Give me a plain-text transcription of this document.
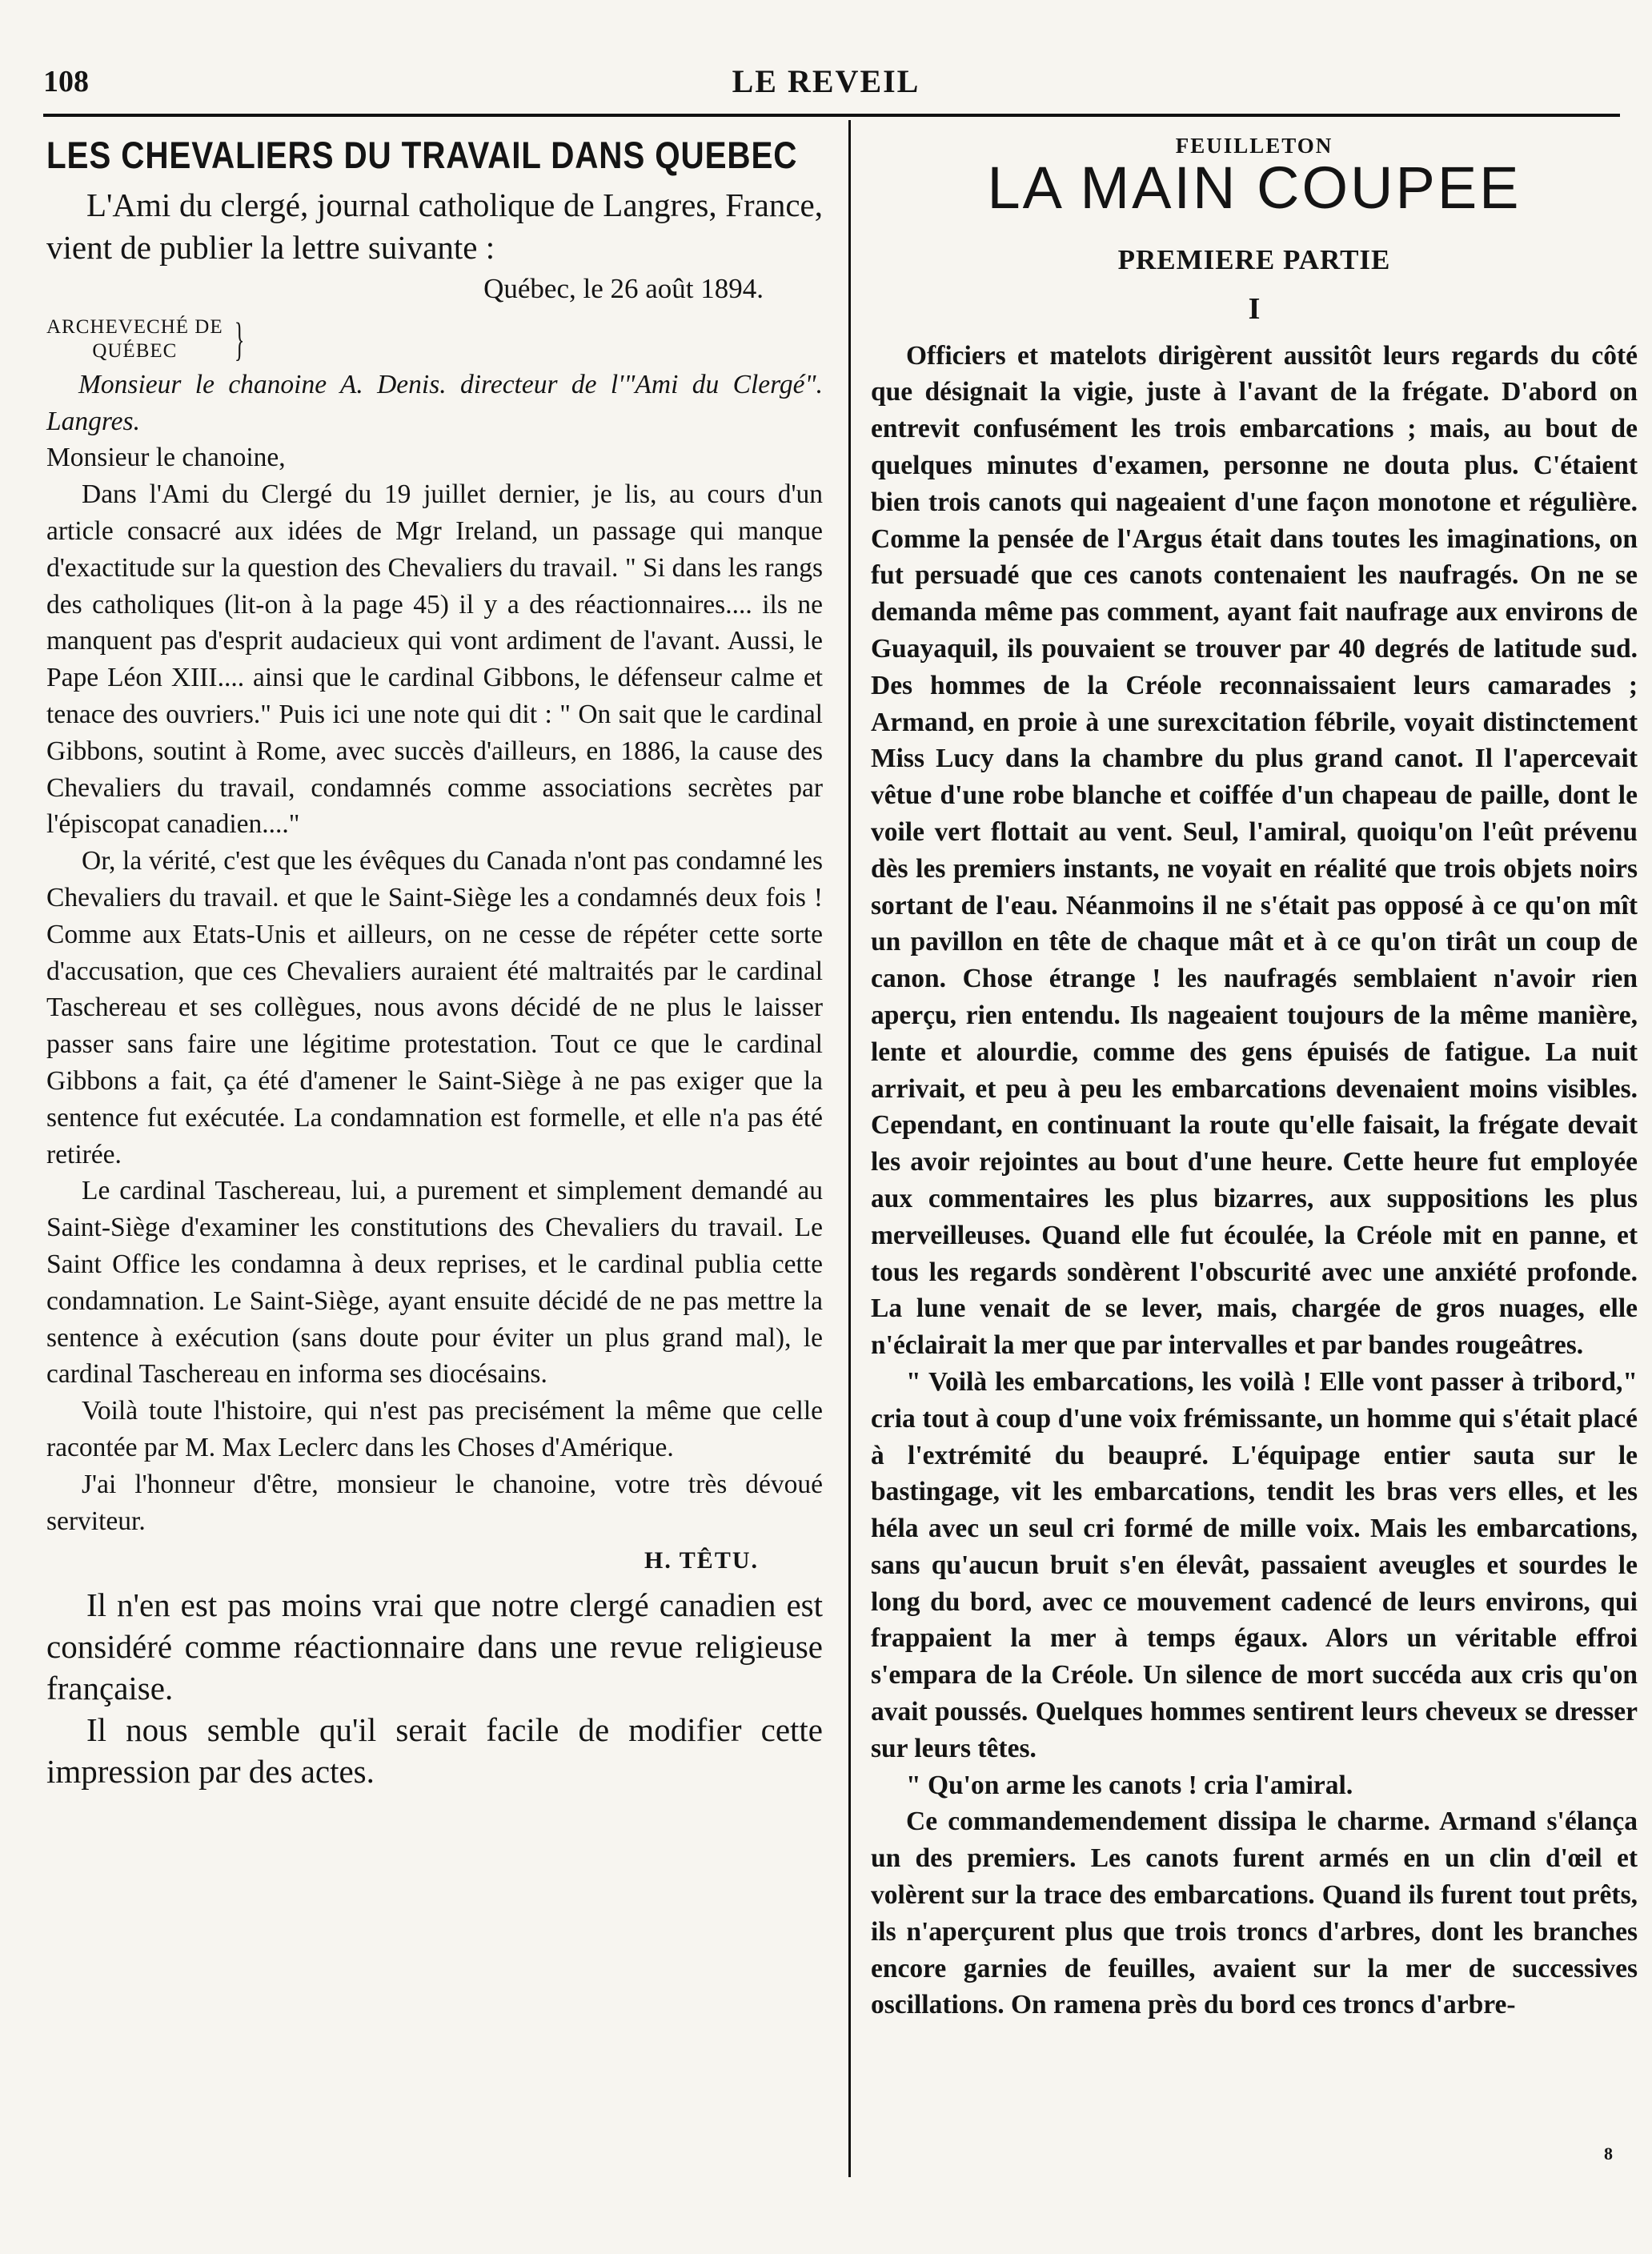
108	LE REVEIL
LES CHEVALIERS DU TRAVAIL DANS QUEBEC

L'Ami du clergé, journal catholique de Langres, France, vient de publier la lettre suivante :

Québec, le 26 août 1894.
ARCHEVECHÉ DE
QUÉBEC	}

Monsieur le chanoine A. Denis. directeur de l'"Ami du Clergé". Langres.

Monsieur le chanoine,

Dans l'Ami du Clergé du 19 juillet dernier, je lis, au cours d'un article consacré aux idées de Mgr Ireland, un passage qui manque d'exactitude sur la question des Chevaliers du travail. " Si dans les rangs des catholiques (lit-on à la page 45) il y a des réactionnaires.... ils ne manquent pas d'esprit audacieux qui vont ardiment de l'avant. Aussi, le Pape Léon XIII.... ainsi que le cardinal Gibbons, le défenseur calme et tenace des ouvriers." Puis ici une note qui dit : " On sait que le cardinal Gibbons, soutint à Rome, avec succès d'ailleurs, en 1886, la cause des Chevaliers du travail, condamnés comme associations secrètes par l'épiscopat canadien...."

Or, la vérité, c'est que les évêques du Canada n'ont pas condamné les Chevaliers du travail. et que le Saint-Siège les a condamnés deux fois ! Comme aux Etats-Unis et ailleurs, on ne cesse de répéter cette sorte d'accusation, que ces Chevaliers auraient été maltraités par le cardinal Taschereau et ses collègues, nous avons décidé de ne plus le laisser passer sans faire une légitime protestation. Tout ce que le cardinal Gibbons a fait, ça été d'amener le Saint-Siège à ne pas exiger que la sentence fut exécutée. La condamnation est formelle, et elle n'a pas été retirée.

Le cardinal Taschereau, lui, a purement et simplement demandé au Saint-Siège d'examiner les constitutions des Chevaliers du travail. Le Saint Office les condamna à deux reprises, et le cardinal publia cette condamnation. Le Saint-Siège, ayant ensuite décidé de ne pas mettre la sentence à exécution (sans doute pour éviter un plus grand mal), le cardinal Taschereau en informa ses diocésains.

Voilà toute l'histoire, qui n'est pas precisément la même que celle racontée par M. Max Leclerc dans les Choses d'Amérique.

J'ai l'honneur d'être, monsieur le chanoine, votre très dévoué serviteur.

H. TÊTU.

Il n'en est pas moins vrai que notre clergé canadien est considéré comme réactionnaire dans une revue religieuse française.

Il nous semble qu'il serait facile de modifier cette impression par des actes.

FEUILLETON
LA MAIN COUPEE
PREMIERE PARTIE
I

Officiers et matelots dirigèrent aussitôt leurs regards du côté que désignait la vigie, juste à l'avant de la frégate. D'abord on entrevit confusément les trois embarcations ; mais, au bout de quelques minutes d'examen, personne ne douta plus. C'étaient bien trois canots qui nageaient d'une façon monotone et régulière. Comme la pensée de l'Argus était dans toutes les imaginations, on fut persuadé que ces canots contenaient les naufragés. On ne se demanda même pas comment, ayant fait naufrage aux environs de Guayaquil, ils pouvaient se trouver par 40 degrés de latitude sud. Des hommes de la Créole reconnaissaient leurs camarades ; Armand, en proie à une surexcitation fébrile, voyait distinctement Miss Lucy dans la chambre du plus grand canot. Il l'apercevait vêtue d'une robe blanche et coiffée d'un chapeau de paille, dont le voile vert flottait au vent. Seul, l'amiral, quoiqu'on l'eût prévenu dès les premiers instants, ne voyait en réalité que trois objets noirs sortant de l'eau. Néanmoins il ne s'était pas opposé à ce qu'on mît un pavillon en tête de chaque mât et à ce qu'on tirât un coup de canon. Chose étrange ! les naufragés semblaient n'avoir rien aperçu, rien entendu. Ils nageaient toujours de la même manière, lente et alourdie, comme des gens épuisés de fatigue. La nuit arrivait, et peu à peu les embarcations devenaient moins visibles. Cependant, en continuant la route qu'elle faisait, la frégate devait les avoir rejointes au bout d'une heure. Cette heure fut employée aux commentaires les plus bizarres, aux suppositions les plus merveilleuses. Quand elle fut écoulée, la Créole mit en panne, et tous les regards sondèrent l'obscurité avec une anxiété profonde. La lune venait de se lever, mais, chargée de gros nuages, elle n'éclairait la mer que par intervalles et par bandes rougeâtres.

" Voilà les embarcations, les voilà ! Elle vont passer à tribord," cria tout à coup d'une voix frémissante, un homme qui s'était placé à l'extrémité du beaupré. L'équipage entier sauta sur le bastingage, vit les embarcations, tendit les bras vers elles, et les héla avec un seul cri formé de mille voix. Mais les embarcations, sans qu'aucun bruit s'en élevât, passaient aveugles et sourdes le long du bord, avec ce mouvement cadencé de leurs environs, qui frappaient la mer à temps égaux. Alors un véritable effroi s'empara de la Créole. Un silence de mort succéda aux cris qu'on avait poussés. Quelques hommes sentirent leurs cheveux se dresser sur leurs têtes.

" Qu'on arme les canots ! cria l'amiral.

Ce commandemendement dissipa le charme. Armand s'élança un des premiers. Les canots furent armés en un clin d'œil et volèrent sur la trace des embarcations. Quand ils furent tout prêts, ils n'aperçurent plus que trois troncs d'arbres, dont les branches encore garnies de feuilles, avaient sur la mer de successives oscillations. On ramena près du bord ces troncs d'arbre-

8
